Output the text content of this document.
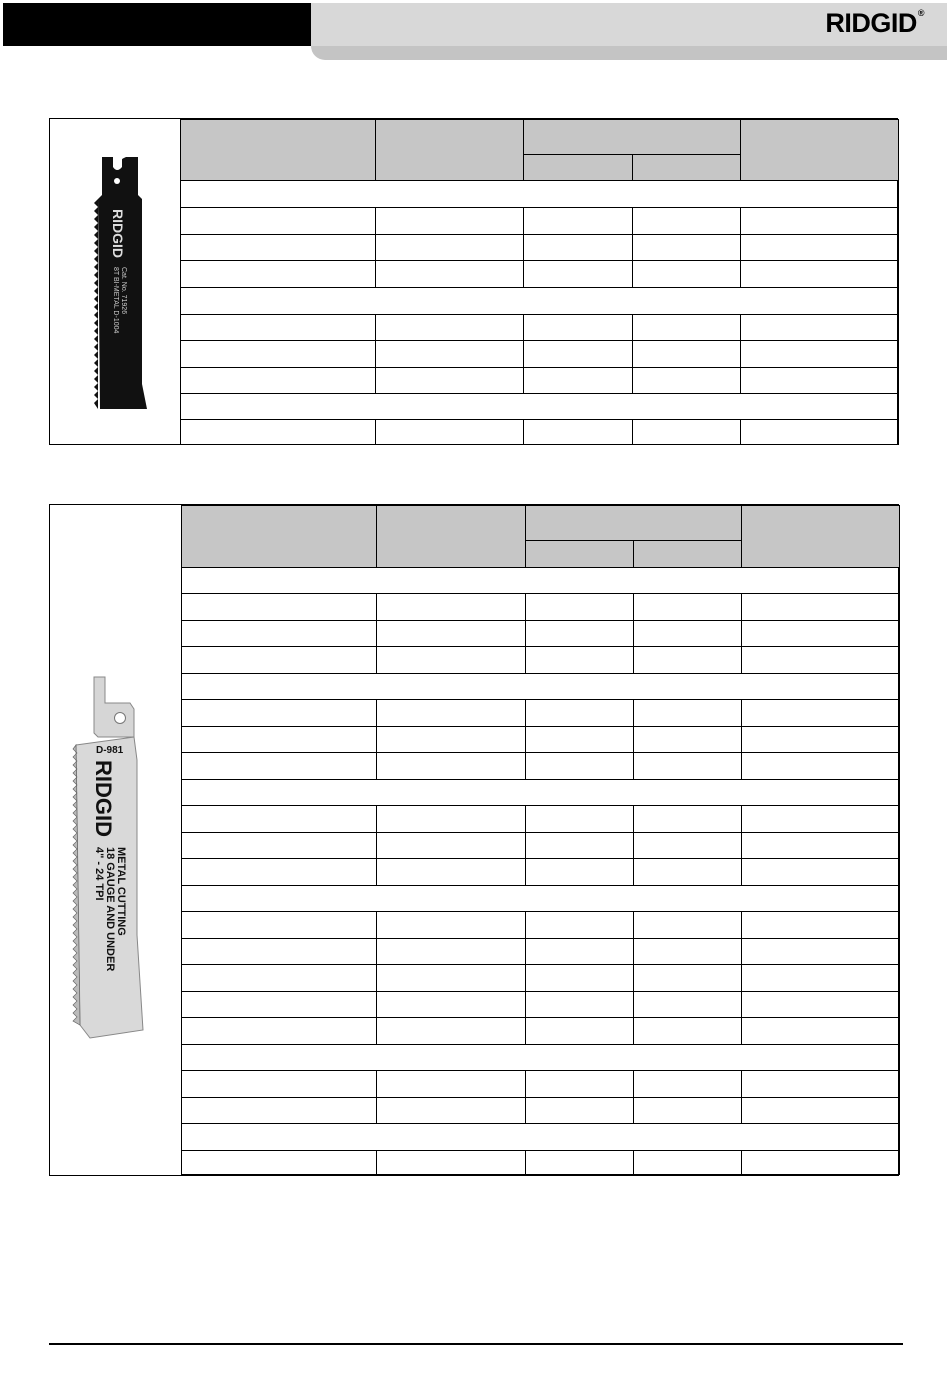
RIDGID®
RIDGID
Cat. No. 71926
8T BI-METAL D-1004

D-981
RIDGID
METAL CUTTING
18 GAUGE AND UNDER
4" - 24 TPI
